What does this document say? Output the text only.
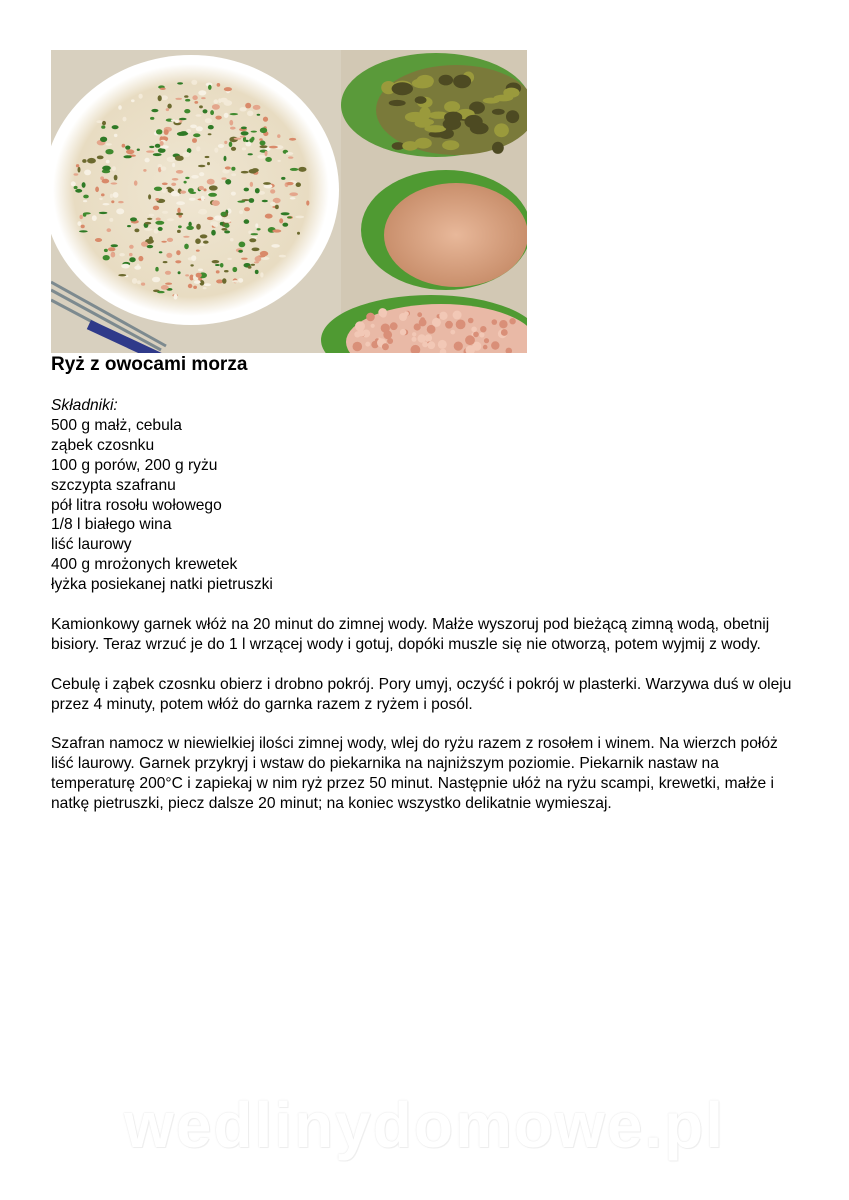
Ryż z owocami morza

Składniki:

500 g małż, cebula
ząbek czosnku
100 g porów, 200 g ryżu
szczypta szafranu
pół litra rosołu wołowego
1/8 l białego wina
liść laurowy
400 g mrożonych krewetek
łyżka posiekanej natki pietruszki

Kamionkowy garnek włóż na 20 minut do zimnej wody. Małże wyszoruj pod bieżącą zimną wodą, obetnij bisiory. Teraz wrzuć je do 1 l wrzącej wody i gotuj, dopóki muszle się nie otworzą, potem wyjmij z wody.

Cebulę i ząbek czosnku obierz i drobno pokrój. Pory umyj, oczyść i pokrój w plasterki. Warzywa duś w oleju przez 4 minuty, potem włóż do garnka razem z ryżem i posól.

Szafran namocz w niewielkiej ilości zimnej wody, wlej do ryżu razem z rosołem i winem. Na wierzch połóż liść laurowy. Garnek przykryj i wstaw do piekarnika na najniższym poziomie. Piekarnik nastaw na temperaturę 200°C i zapiekaj w nim ryż przez 50 minut. Następnie ułóż na ryżu scampi, krewetki, małże i natkę pietruszki, piecz dalsze 20 minut; na koniec wszystko delikatnie wymieszaj.

wedlinydomowe.pl
